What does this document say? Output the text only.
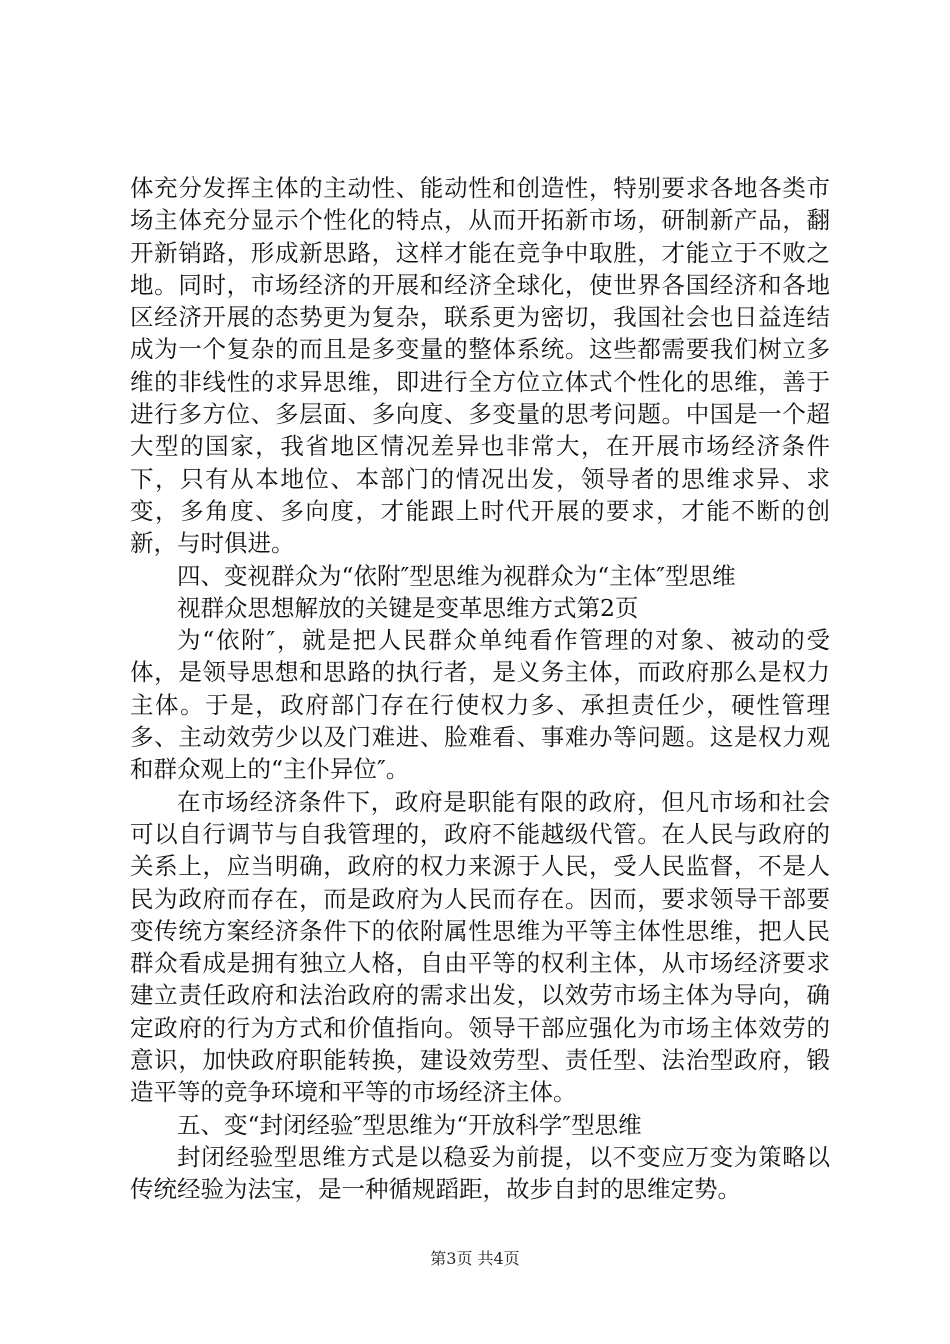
体充分发挥主体的主动性、能动性和创造性，特别要求各地各类市场主体充分显示个性化的特点，从而开拓新市场，研制新产品，翻开新销路，形成新思路，这样才能在竞争中取胜，才能立于不败之地。同时，市场经济的开展和经济全球化，使世界各国经济和各地区经济开展的态势更为复杂，联系更为密切，我国社会也日益连结成为一个复杂的而且是多变量的整体系统。这些都需要我们树立多维的非线性的求异思维，即进行全方位立体式个性化的思维，善于进行多方位、多层面、多向度、多变量的思考问题。中国是一个超大型的国家，我省地区情况差异也非常大，在开展市场经济条件下，只有从本地位、本部门的情况出发，领导者的思维求异、求变，多角度、多向度，才能跟上时代开展的要求，才能不断的创新，与时俱进。

四、变视群众为“依附″型思维为视群众为“主体″型思维

视群众思想解放的关键是变革思维方式第2页

为“依附″，就是把人民群众单纯看作管理的对象、被动的受体，是领导思想和思路的执行者，是义务主体，而政府那么是权力主体。于是，政府部门存在行使权力多、承担责任少，硬性管理多、主动效劳少以及门难进、脸难看、事难办等问题。这是权力观和群众观上的“主仆异位″。

在市场经济条件下，政府是职能有限的政府，但凡市场和社会可以自行调节与自我管理的，政府不能越级代管。在人民与政府的关系上，应当明确，政府的权力来源于人民，受人民监督，不是人民为政府而存在，而是政府为人民而存在。因而，要求领导干部要变传统方案经济条件下的依附属性思维为平等主体性思维，把人民群众看成是拥有独立人格，自由平等的权利主体，从市场经济要求建立责任政府和法治政府的需求出发，以效劳市场主体为导向，确定政府的行为方式和价值指向。领导干部应强化为市场主体效劳的意识，加快政府职能转换，建设效劳型、责任型、法治型政府，锻造平等的竞争环境和平等的市场经济主体。

五、变“封闭经验″型思维为“开放科学″型思维

封闭经验型思维方式是以稳妥为前提，以不变应万变为策略以传统经验为法宝，是一种循规蹈距，故步自封的思维定势。

第3页 共4页
